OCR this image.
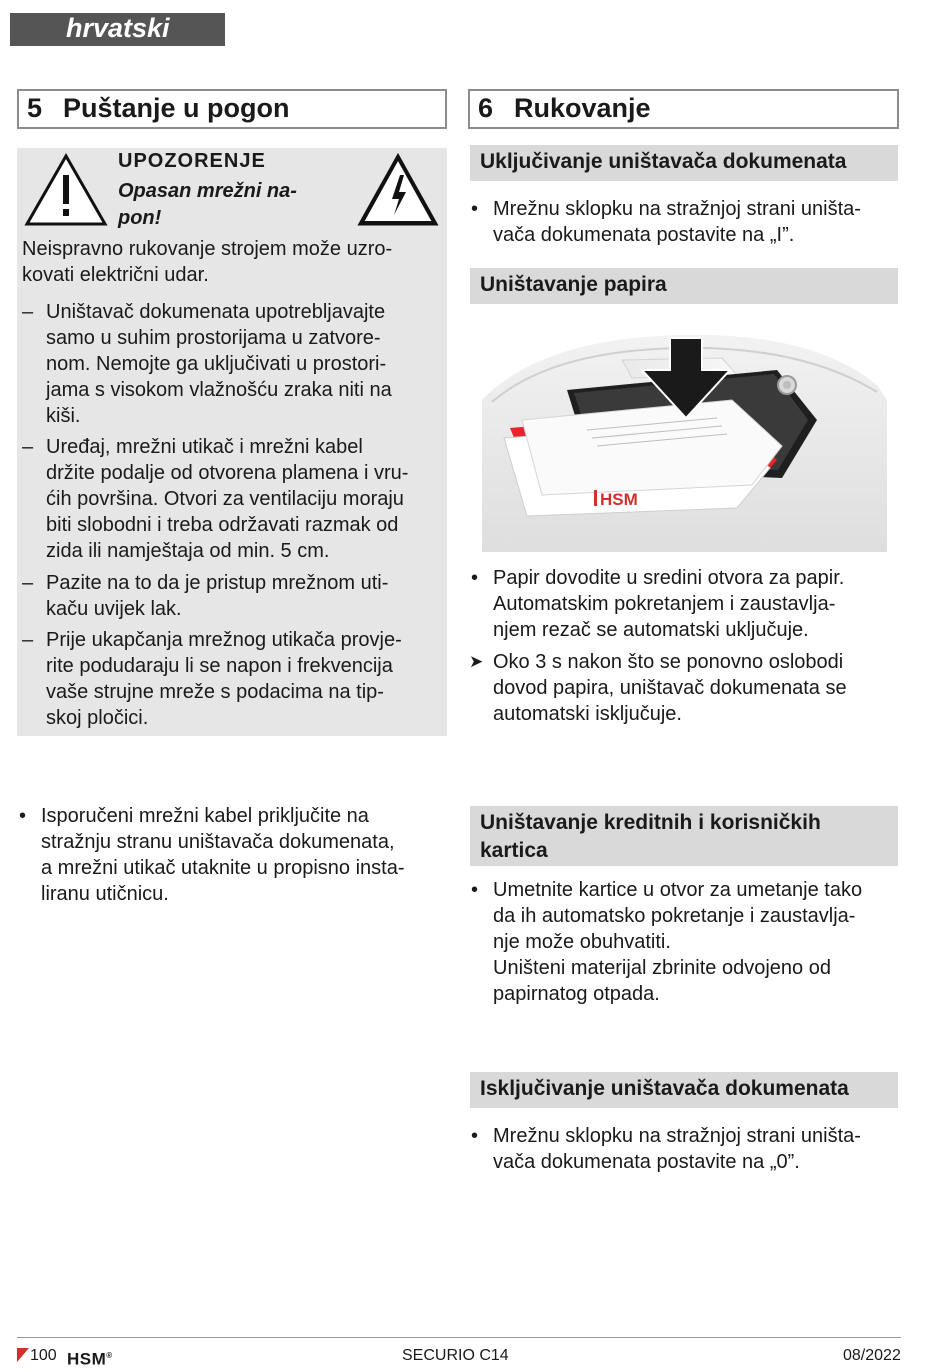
hrvatski
5 Puštanje u pogon	6 Rukovanje
UPOZORENJE
Opasan mrežni na-
pon!
Neispravno rukovanje strojem može uzro-
kovati električni udar.
– Uništavač dokumenata upotrebljavajte
samo u suhim prostorijama u zatvore-
nom. Nemojte ga uključivati u prostori-
jama s visokom vlažnošću zraka niti na
kiši.
– Uređaj, mrežni utikač i mrežni kabel
držite podalje od otvorena plamena i vru-
ćih površina. Otvori za ventilaciju moraju
biti slobodni i treba održavati razmak od
zida ili namještaja od min. 5 cm.
– Pazite na to da je pristup mrežnom uti-
kaču uvijek lak.
– Prije ukapčanja mrežnog utikača provje-
rite podudaraju li se napon i frekvencija
vaše strujne mreže s podacima na tip-
skoj pločici.
• Isporučeni mrežni kabel priključite na
stražnju stranu uništavača dokumenata,
a mrežni utikač utaknite u propisno insta-
liranu utičnicu.
Uključivanje uništavača dokumenata
• Mrežnu sklopku na stražnjoj strani uništa-
vača dokumenata postavite na „I”.
Uništavanje papira
HSM
• Papir dovodite u sredini otvora za papir.
Automatskim pokretanjem i zaustavlja-
njem rezač se automatski uključuje.
➤ Oko 3 s nakon što se ponovno oslobodi
dovod papira, uništavač dokumenata se
automatski isključuje.
Uništavanje kreditnih i korisničkih
kartica
• Umetnite kartice u otvor za umetanje tako
da ih automatsko pokretanje i zaustavlja-
nje može obuhvatiti.
Uništeni materijal zbrinite odvojeno od
papirnatog otpada.
Isključivanje uništavača dokumenata
• Mrežnu sklopku na stražnjoj strani uništa-
vača dokumenata postavite na „0”.
100 HSM®	SECURIO C14	08/2022
